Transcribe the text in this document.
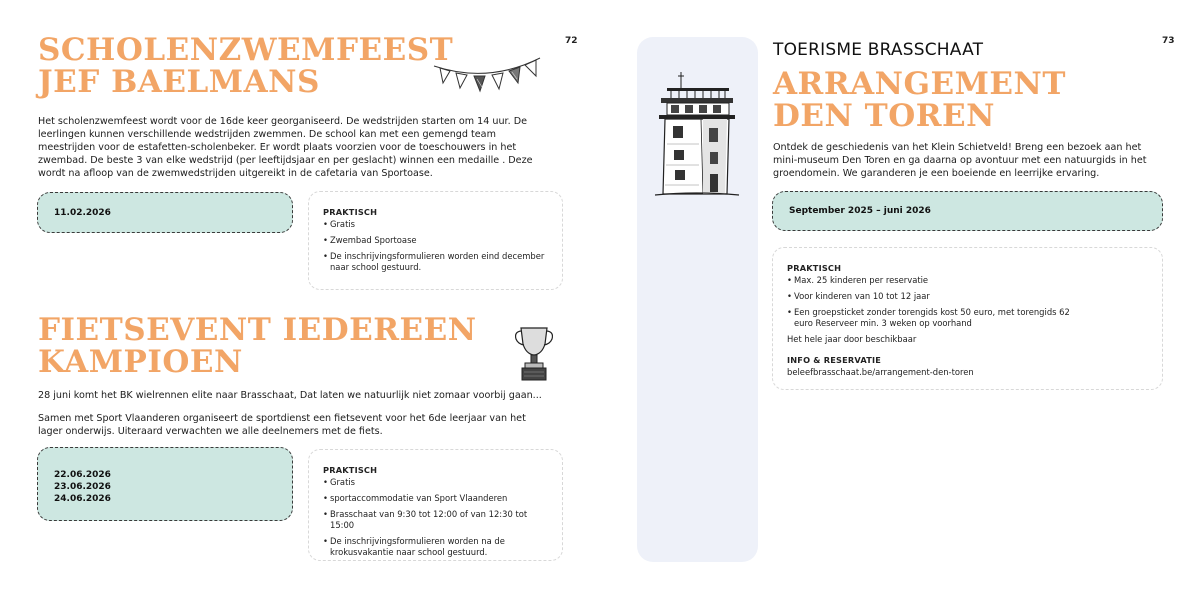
72
SCHOLENZWEMFEEST
JEF BAELMANS

Het scholenzwemfeest wordt voor de 16de keer georganiseerd. De wedstrijden starten om 14 uur. De leerlingen kunnen verschillende wedstrijden zwemmen. De school kan met een gemengd team meestrijden voor de estafetten-scholenbeker. Er wordt plaats voorzien voor de toeschouwers in het zwembad. De beste 3 van elke wedstrijd (per leeftijdsjaar en per geslacht) winnen een medaille . Deze wordt na afloop van de zwemwedstrijden uitgereikt in de cafetaria van Sportoase.

11.02.2026	PRAKTISCH
• Gratis
• Zwembad Sportoase
• De inschrijvingsformulieren worden eind december naar school gestuurd.
FIETSEVENT IEDEREEN
KAMPIOEN

28 juni komt het BK wielrennen elite naar Brasschaat, Dat laten we natuurlijk niet zomaar voorbij gaan...

Samen met Sport Vlaanderen organiseert de sportdienst een fietsevent voor het 6de leerjaar van het lager onderwijs. Uiteraard verwachten we alle deelnemers met de fiets.

22.06.2026
23.06.2026
24.06.2026
PRAKTISCH
• Gratis
• sportaccommodatie van Sport Vlaanderen
• Brasschaat van 9:30 tot 12:00 of van 12:30 tot 15:00
• De inschrijvingsformulieren worden na de krokusvakantie naar school gestuurd.
73
TOERISME BRASSCHAAT
ARRANGEMENT
DEN TOREN

Ontdek de geschiedenis van het Klein Schietveld! Breng een bezoek aan het mini-museum Den Toren en ga daarna op avontuur met een natuurgids in het groendomein. We garanderen je een boeiende en leerrijke ervaring.

September 2025 – juni 2026
PRAKTISCH
• Max. 25 kinderen per reservatie
• Voor kinderen van 10 tot 12 jaar
• Een groepsticket zonder torengids kost 50 euro, met torengids 62 euro Reserveer min. 3 weken op voorhand
Het hele jaar door beschikbaar
INFO & RESERVATIE
beleefbrasschaat.be/arrangement-den-toren
